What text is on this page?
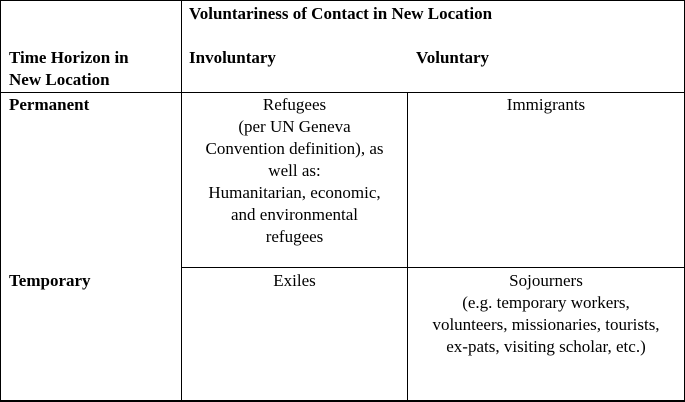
Voluntariness of Contact in New Location
Time Horizon in
New Location
Involuntary	Voluntary
Permanent
Temporary
Refugees
(per UN Geneva
Convention definition), as
well as:
Humanitarian, economic,
and environmental
refugees
Immigrants
Exiles	Sojourners
(e.g. temporary workers,
volunteers, missionaries, tourists,
ex-pats, visiting scholar, etc.)
